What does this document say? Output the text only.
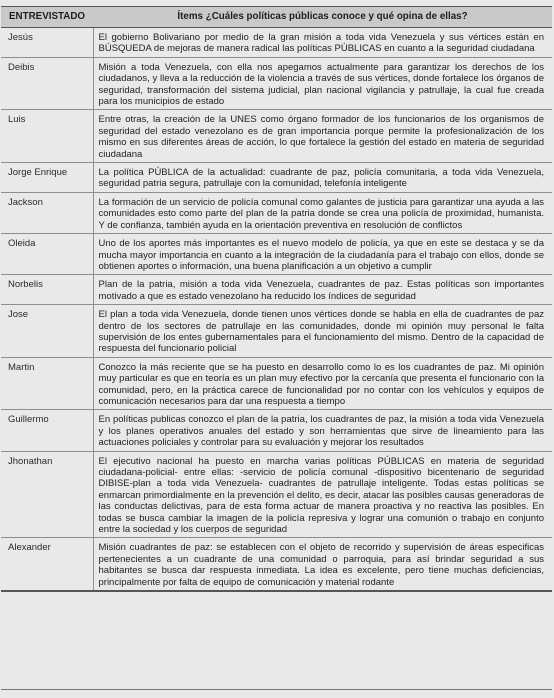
ENTREVISTADO	Ítems ¿Cuáles políticas públicas conoce y qué opina de ellas?
Jesús	El gobierno Bolivariano por medio de la gran misión a toda vida Venezuela y sus vértices están en BÚSQUEDA de mejoras de manera radical las políticas PÚBLICAS en cuanto a la seguridad ciudadana
Deibis	Misión a toda Venezuela, con ella nos apegamos actualmente para garantizar los derechos de los ciudadanos, y lleva a la reducción de la violencia a través de sus vértices, donde fortalece los órganos de seguridad, transformación del sistema judicial, plan nacional vigilancia y patrullaje, la cual fue creada para los municipios de estado
Luis	Entre otras, la creación de la UNES como órgano formador de los funcionarios de los organismos de seguridad del estado venezolano es de gran importancia porque permite la profesionalización de los mismo en sus diferentes áreas de acción, lo que fortalece la gestión del estado en materia de seguridad ciudadana
Jorge Enrique	La política PÚBLICA de la actualidad: cuadrante de paz, policía comunitaria, a toda vida Venezuela, seguridad patria segura, patrullaje con la comunidad, telefonía inteligente
Jackson	La formación de un servicio de policía comunal como galantes de justicia para garantizar una ayuda a las comunidades esto como parte del plan de la patria donde se crea una policía de proximidad, humanista. Y de confianza, también ayuda en la orientación preventiva en resolución de conflictos
Oleida	Uno de los aportes más importantes es el nuevo modelo de policía, ya que en este se destaca y se da mucha mayor importancia en cuanto a la integración de la ciudadanía para el trabajo con ellos, donde se obtienen aportes o información, una buena planificación a un objetivo a cumplir
Norbelis	Plan de la patria, misión a toda vida Venezuela, cuadrantes de paz. Estas políticas son importantes motivado a que es estado venezolano ha reducido los índices de seguridad
Jose	El plan a toda vida Venezuela, donde tienen unos vértices donde se habla en ella de cuadrantes de paz dentro de los sectores de patrullaje en las comunidades, donde mi opinión muy personal le falta supervisión de los entes gubernamentales para el funcionamiento del mismo. Dentro de la capacidad de respuesta del funcionario policial
Martin	Conozco la más reciente que se ha puesto en desarrollo como lo es los cuadrantes de paz. Mi opinión muy particular es que en teoría es un plan muy efectivo por la cercanía que presenta el funcionario con la comunidad, pero, en la práctica carece de funcionalidad por no contar con los vehículos y equipos de comunicación necesarios para dar una respuesta a tiempo
Guillermo	En políticas publicas conozco el plan de la patria, los cuadrantes de paz, la misión a toda vida Venezuela y los planes operativos anuales del estado y son herramientas que sirve de lineamiento para las actuaciones policiales y controlar para su evaluación y mejorar los resultados
Jhonathan	El ejecutivo nacional ha puesto en marcha varias políticas PÚBLICAS en materia de seguridad ciudadana-policial- entre ellas: -servicio de policía comunal -dispositivo bicentenario de seguridad DIBISE-plan a toda vida Venezuela- cuadrantes de patrullaje inteligente. Todas estas políticas se enmarcan primordialmente en la prevención el delito, es decir, atacar las posibles causas generadoras de las conductas delictivas, para de esta forma actuar de manera proactiva y no reactiva las posibles. En todas se busca cambiar la imagen de la policía represiva y lograr una comunión o trabajo en conjunto entre la sociedad y los cuerpos de seguridad
Alexander	Misión cuadrantes de paz: se establecen con el objeto de recorrido y supervisión de áreas especificas pertenecientes a un cuadrante de una comunidad o parroquia, para así brindar seguridad a sus habitantes se busca dar respuesta inmediata. La idea es excelente, pero tiene muchas deficiencias, principalmente por falta de equipo de comunicación y material rodante
